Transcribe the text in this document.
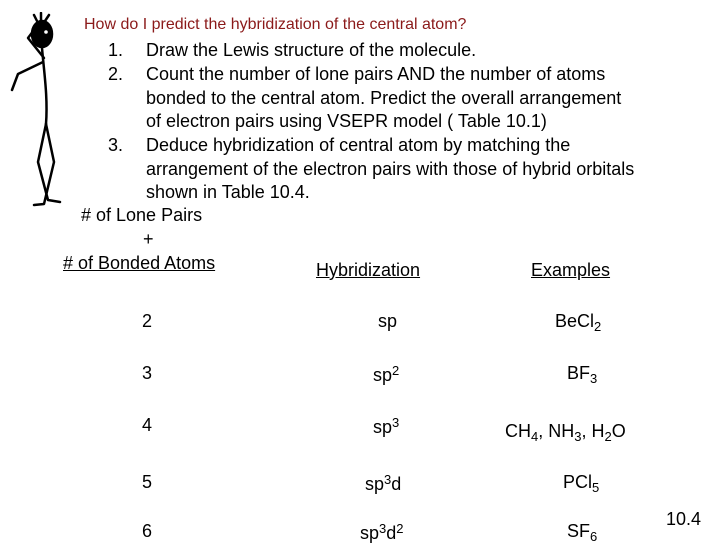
How do I predict the hybridization of the central atom?
1. Draw the Lewis structure of the molecule.
2. Count the number of lone pairs AND the number of atoms
bonded to the central atom. Predict the overall arrangement
of electron pairs using VSEPR model ( Table 10.1)
3. Deduce hybridization of central atom by matching the
arrangement of the electron pairs with those of hybrid orbitals
shown in Table 10.4.
# of Lone Pairs
+
# of Bonded Atoms	Hybridization	Examples
2	sp	BeCl$_2$
3	$sp^2$	$BF_3$
4	$sp^3$	$CH_4$, $NH_3$, $H_2O$
5	$sp^3d$	PCl$_5$
6	$sp^3d^2$	$SF_6$
10.4
